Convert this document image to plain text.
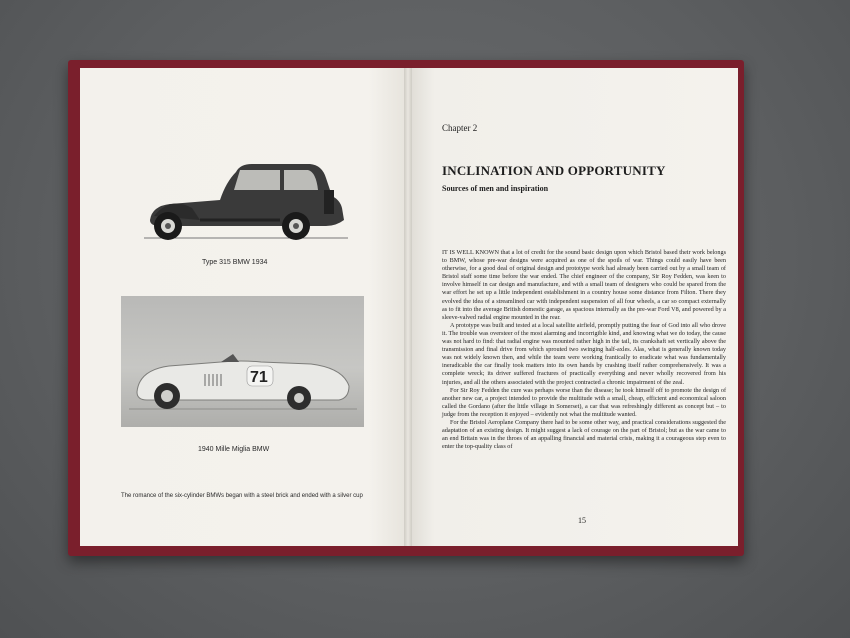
Type 315 BMW 1934
71
1940 Mille Miglia BMW
The romance of the six-cylinder BMWs began with a steel brick and ended with a silver cup
Chapter 2
INCLINATION AND OPPORTUNITY
Sources of men and inspiration

IT IS WELL KNOWN that a lot of credit for the sound basic design upon which Bristol based their work belongs to BMW, whose pre-war designs were acquired as one of the spoils of war. Things could easily have been otherwise, for a good deal of original design and prototype work had already been carried out by a small team of Bristol staff some time before the war ended. The chief engineer of the company, Sir Roy Fedden, was keen to involve himself in car design and manufacture, and with a small team of designers who could be spared from the war effort he set up a little independent establishment in a country house some distance from Filton. There they evolved the idea of a streamlined car with independent suspension of all four wheels, a car so compact externally as to fit into the average British domestic garage, as spacious internally as the pre-war Ford V8, and powered by a sleeve-valved radial engine mounted in the rear.

A prototype was built and tested at a local satellite airfield, promptly putting the fear of God into all who drove it. The trouble was oversteer of the most alarming and incorrigible kind, and knowing what we do today, the cause was not hard to find: that radial engine was mounted rather high in the tail, its crankshaft set vertically above the transmission and final drive from which sprouted two swinging half-axles. Alas, what is generally known today was not widely known then, and while the team were working frantically to eradicate what was fundamentally ineradicable the car finally took matters into its own hands by crashing itself rather comprehensively. It was a complete wreck; its driver suffered fractures of practically everything and never wholly recovered from his injuries, and all the others associated with the project contracted a chronic impairment of the zeal.

For Sir Roy Fedden the cure was perhaps worse than the disease; he took himself off to promote the design of another new car, a project intended to provide the multitude with a small, cheap, efficient and economical saloon called the Gordano (after the little village in Somerset), a car that was refreshingly different as concept but – to judge from the reception it enjoyed – evidently not what the multitude wanted.

For the Bristol Aeroplane Company there had to be some other way, and practical considerations suggested the adaptation of an existing design. It might suggest a lack of courage on the part of Bristol; but as the war came to an end Britain was in the throes of an appalling financial and material crisis, making it a courageous step even to enter the top-quality class of

15
